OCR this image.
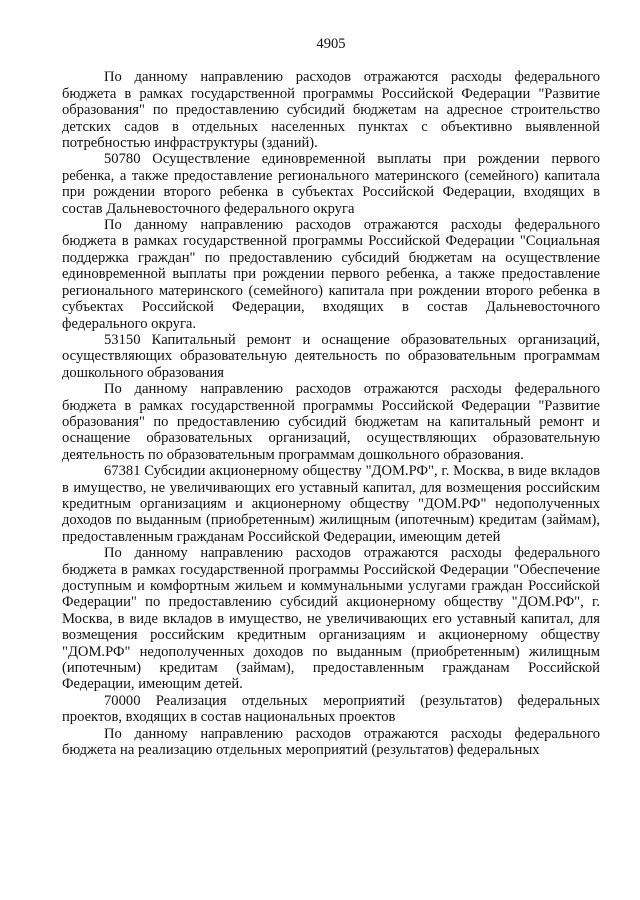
4905

По данному направлению расходов отражаются расходы федерального бюджета в рамках государственной программы Российской Федерации "Развитие образования" по предоставлению субсидий бюджетам на адресное строительство детских садов в отдельных населенных пунктах с объективно выявленной потребностью инфраструктуры (зданий).

50780 Осуществление единовременной выплаты при рождении первого ребенка, а также предоставление регионального материнского (семейного) капитала при рождении второго ребенка в субъектах Российской Федерации, входящих в состав Дальневосточного федерального округа

По данному направлению расходов отражаются расходы федерального бюджета в рамках государственной программы Российской Федерации "Социальная поддержка граждан" по предоставлению субсидий бюджетам на осуществление единовременной выплаты при рождении первого ребенка, а также предоставление регионального материнского (семейного) капитала при рождении второго ребенка в субъектах Российской Федерации, входящих в состав Дальневосточного федерального округа.

53150 Капитальный ремонт и оснащение образовательных организаций, осуществляющих образовательную деятельность по образовательным программам дошкольного образования

По данному направлению расходов отражаются расходы федерального бюджета в рамках государственной программы Российской Федерации "Развитие образования" по предоставлению субсидий бюджетам на капитальный ремонт и оснащение образовательных организаций, осуществляющих образовательную деятельность по образовательным программам дошкольного образования.

67381 Субсидии акционерному обществу "ДОМ.РФ", г. Москва, в виде вкладов в имущество, не увеличивающих его уставный капитал, для возмещения российским кредитным организациям и акционерному обществу "ДОМ.РФ" недополученных доходов по выданным (приобретенным) жилищным (ипотечным) кредитам (займам), предоставленным гражданам Российской Федерации, имеющим детей

По данному направлению расходов отражаются расходы федерального бюджета в рамках государственной программы Российской Федерации "Обеспечение доступным и комфортным жильем и коммунальными услугами граждан Российской Федерации" по предоставлению субсидий акционерному обществу "ДОМ.РФ", г. Москва, в виде вкладов в имущество, не увеличивающих его уставный капитал, для возмещения российским кредитным организациям и акционерному обществу "ДОМ.РФ" недополученных доходов по выданным (приобретенным) жилищным (ипотечным) кредитам (займам), предоставленным гражданам Российской Федерации, имеющим детей.

70000 Реализация отдельных мероприятий (результатов) федеральных проектов, входящих в состав национальных проектов

По данному направлению расходов отражаются расходы федерального бюджета на реализацию отдельных мероприятий (результатов) федеральных
